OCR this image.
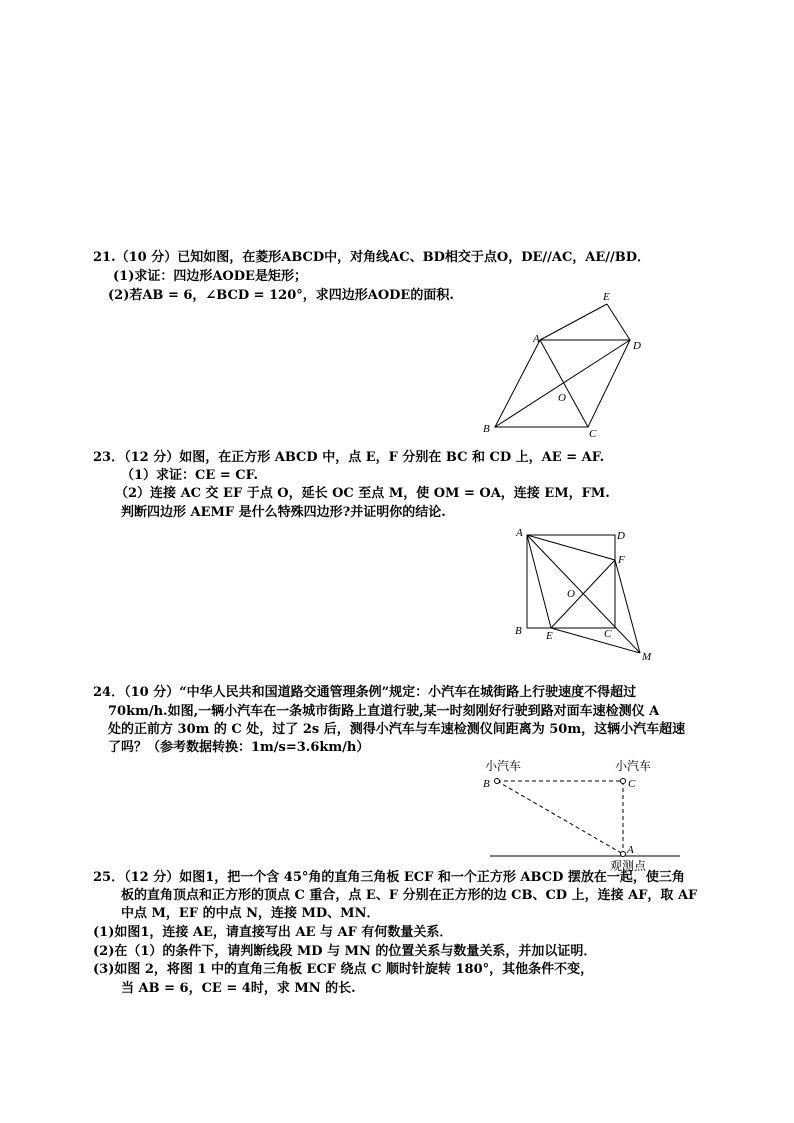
21.（10 分）已知如图，在菱形ABCD中，对角线AC、BD相交于点O，DE//AC，AE//BD．
(1)求证：四边形AODE是矩形；
(2)若AB = 6，∠BCD = 120°，求四边形AODE的面积.	E
A
D
O
B	C
23．（12 分）如图，在正方形 ABCD 中，点 E，F 分别在 BC 和 CD 上，AE = AF.
（1）求证：CE = CF.
（2）连接 AC 交 EF 于点 O，延长 OC 至点 M，使 OM = OA，连接 EM，FM.
判断四边形 AEMF 是什么特殊四边形?并证明你的结论.
A	D
F
O
B E	C
M
24．（10 分）“中华人民共和国道路交通管理条例”规定：小汽车在城街路上行驶速度不得超过
70km/h.如图,一辆小汽车在一条城市街路上直道行驶,某一时刻刚好行驶到路对面车速检测仪 A
处的正前方 30m 的 C 处，过了 2s 后，测得小汽车与车速检测仪间距离为 50m，这辆小汽车超速
了吗？（参考数据转换：1m/s=3.6km/h）
小汽车	小汽车
B	C
A
观测点
25．（12 分）如图1，把一个含 45°角的直角三角板 ECF 和一个正方形 ABCD 摆放在一起，使三角
板的直角顶点和正方形的顶点 C 重合，点 E、F 分别在正方形的边 CB、CD 上，连接 AF，取 AF
中点 M，EF 的中点 N，连接 MD、MN．
(1)如图1，连接 AE，请直接写出 AE 与 AF 有何数量关系．
(2)在（1）的条件下，请判断线段 MD 与 MN 的位置关系与数量关系，并加以证明．
(3)如图 2，将图 1 中的直角三角板 ECF 绕点 C 顺时针旋转 180°，其他条件不变，
当 AB = 6，CE = 4时，求 MN 的长.
